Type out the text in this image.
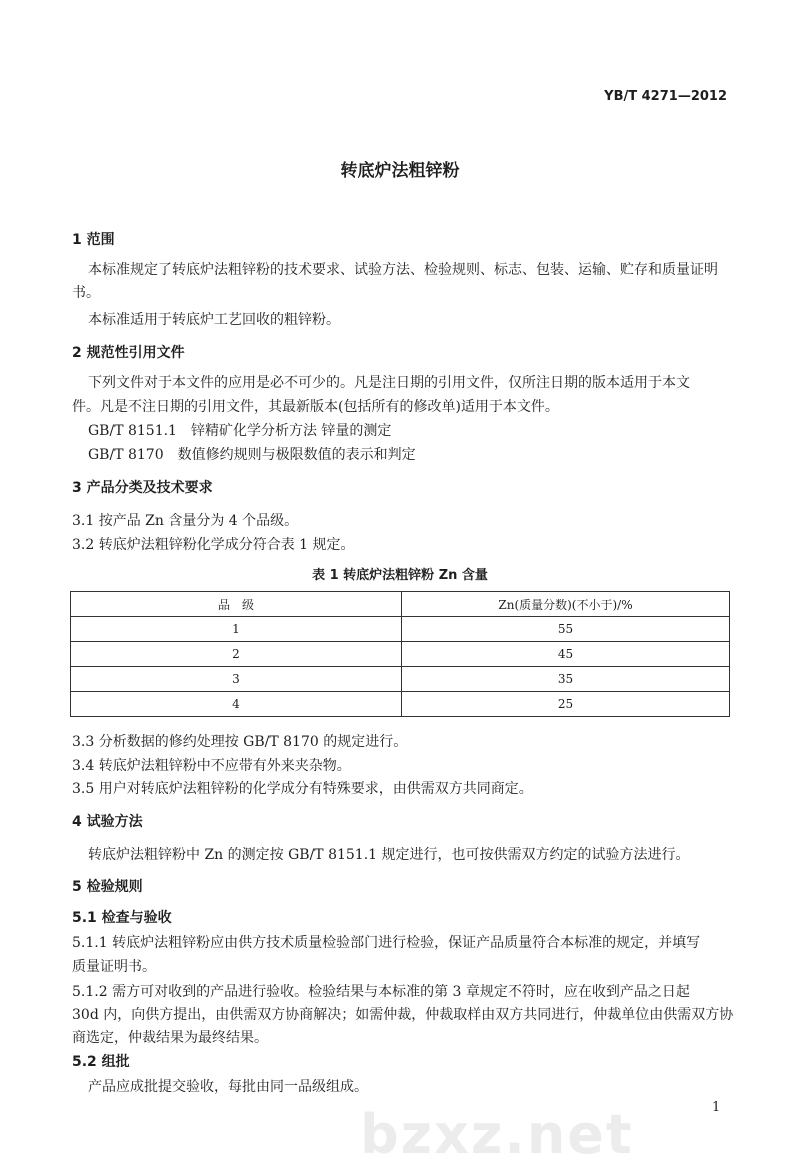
YB/T 4271—2012
转底炉法粗锌粉
1 范围
本标准规定了转底炉法粗锌粉的技术要求、试验方法、检验规则、标志、包装、运输、贮存和质量证明
书。
本标准适用于转底炉工艺回收的粗锌粉。
2 规范性引用文件
下列文件对于本文件的应用是必不可少的。凡是注日期的引用文件，仅所注日期的版本适用于本文
件。凡是不注日期的引用文件，其最新版本(包括所有的修改单)适用于本文件。
GB/T 8151.1　锌精矿化学分析方法 锌量的测定
GB/T 8170　数值修约规则与极限数值的表示和判定
3 产品分类及技术要求
3.1 按产品 Zn 含量分为 4 个品级。
3.2 转底炉法粗锌粉化学成分符合表 1 规定。
表 1 转底炉法粗锌粉 Zn 含量
品　级	Zn(质量分数)(不小于)/%
1	55
2	45
3	35
4	25
3.3 分析数据的修约处理按 GB/T 8170 的规定进行。
3.4 转底炉法粗锌粉中不应带有外来夹杂物。
3.5 用户对转底炉法粗锌粉的化学成分有特殊要求，由供需双方共同商定。
4 试验方法
转底炉法粗锌粉中 Zn 的测定按 GB/T 8151.1 规定进行，也可按供需双方约定的试验方法进行。
5 检验规则
5.1 检查与验收
5.1.1 转底炉法粗锌粉应由供方技术质量检验部门进行检验，保证产品质量符合本标准的规定，并填写
质量证明书。
5.1.2 需方可对收到的产品进行验收。检验结果与本标准的第 3 章规定不符时，应在收到产品之日起
30d 内，向供方提出，由供需双方协商解决；如需仲裁，仲裁取样由双方共同进行，仲裁单位由供需双方协
商选定，仲裁结果为最终结果。
5.2 组批
产品应成批提交验收，每批由同一品级组成。
1
bzxz.net
